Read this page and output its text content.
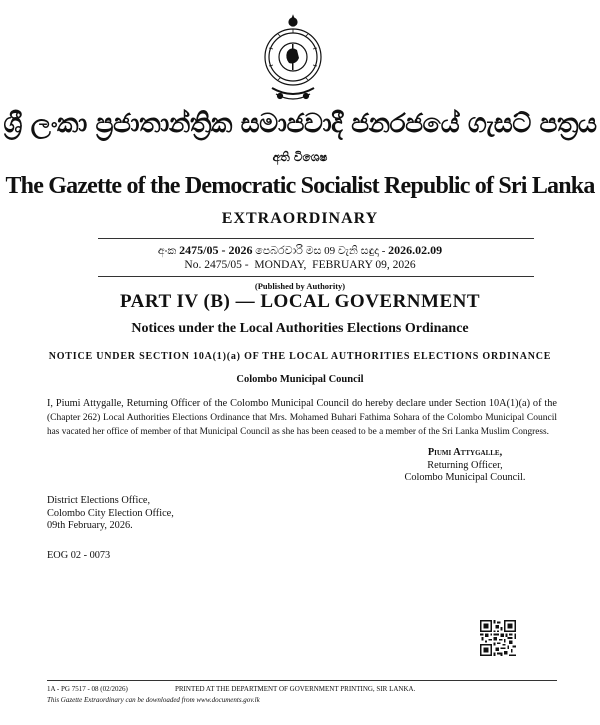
ශ්‍රී ලංකා ප්‍රජාතාන්ත්‍රික සමාජවාදී ජනරජයේ ගැසට් පත්‍රය
අති විශෙෂ
The Gazette of the Democratic Socialist Republic of Sri Lanka
EXTRAORDINARY
අංක 2475/05 - 2026 පෙබරවාරි මස 09 වැනි සඳුදා - 2026.02.09
No. 2475/05 -  MONDAY,  FEBRUARY 09, 2026
(Published by Authority)
PART IV (B) — LOCAL GOVERNMENT
Notices under the Local Authorities Elections Ordinance
NOTICE UNDER SECTION 10A(1)(a) OF THE LOCAL AUTHORITIES ELECTIONS ORDINANCE
Colombo Municipal Council
I, Piumi Attygalle, Returning Officer of the Colombo Municipal Council do hereby declare under Section 10A(1)(a) of the
(Chapter 262) Local Authorities Elections Ordinance that Mrs. Mohamed Buhari Fathima Sohara of the Colombo Municipal Council
has vacated her office of member of that Municipal Council as she has been ceased to be a member of the Sri Lanka Muslim Congress.
Piumi Attygalle,
Returning Officer,
Colombo Municipal Council.
District Elections Office,
Colombo City Election Office,
09th February, 2026.
EOG 02 - 0073
1A - PG 7517 - 08 (02/2026)	PRINTED AT THE DEPARTMENT OF GOVERNMENT PRINTING, SIR LANKA.
This Gazette Extraordinary can be downloaded from www.documents.gov.lk
